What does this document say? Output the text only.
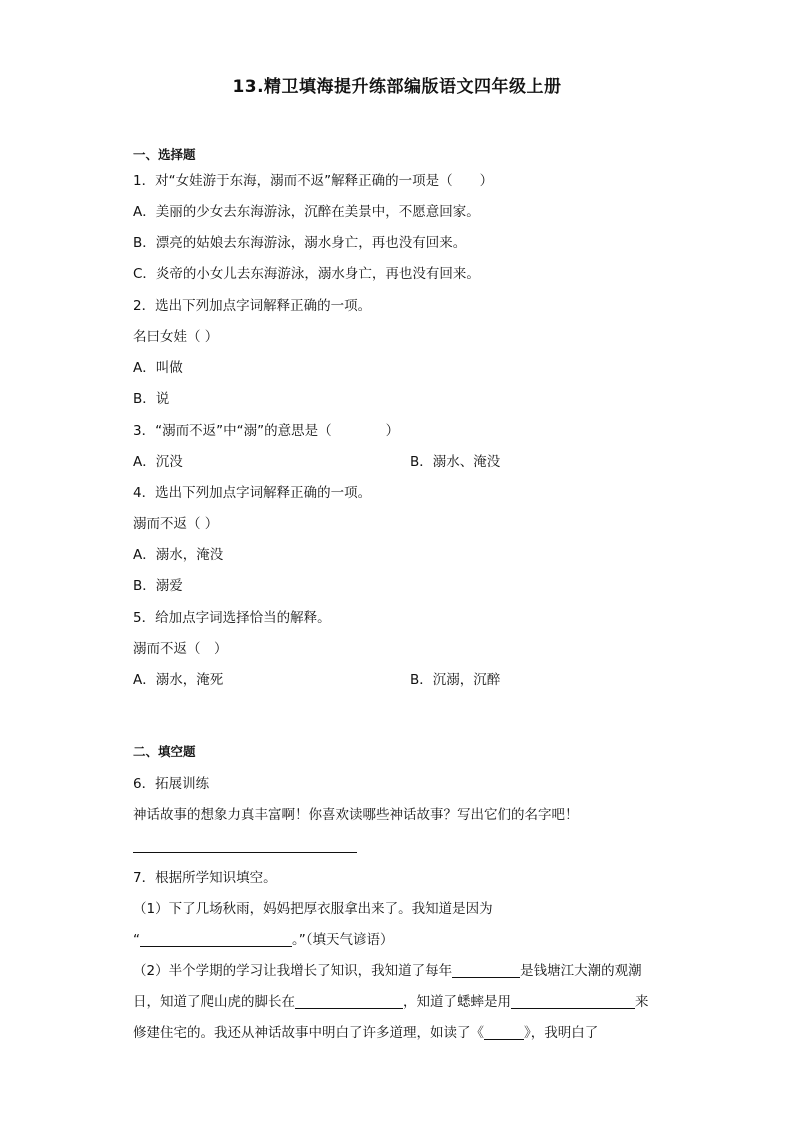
13.精卫填海提升练部编版语文四年级上册
一、选择题
1．对“女娃游于东海，溺而不返”解释正确的一项是（　　）
A．美丽的少女去东海游泳，沉醉在美景中，不愿意回家。
B．漂亮的姑娘去东海游泳，溺水身亡，再也没有回来。
C．炎帝的小女儿去东海游泳，溺水身亡，再也没有回来。
2．选出下列加点字词解释正确的一项。
名曰女娃（ ）
A．叫做
B．说
3．“溺而不返”中“溺”的意思是（　　　　）
A．沉没	B．溺水、淹没
4．选出下列加点字词解释正确的一项。
溺而不返（ ）
A．溺水，淹没
B．溺爱
5．给加点字词选择恰当的解释。
溺而不返（　）
A．溺水，淹死	B．沉溺，沉醉
二、填空题
6．拓展训练
神话故事的想象力真丰富啊！你喜欢读哪些神话故事？写出它们的名字吧！
7．根据所学知识填空。
（1）下了几场秋雨，妈妈把厚衣服拿出来了。我知道是因为
“	。”（填天气谚语）
（2）半个学期的学习让我增长了知识，我知道了每年	是钱塘江大潮的观潮
日，知道了爬山虎的脚长在	，知道了蟋蟀是用	来
修建住宅的。我还从神话故事中明白了许多道理，如读了《	》，我明白了
